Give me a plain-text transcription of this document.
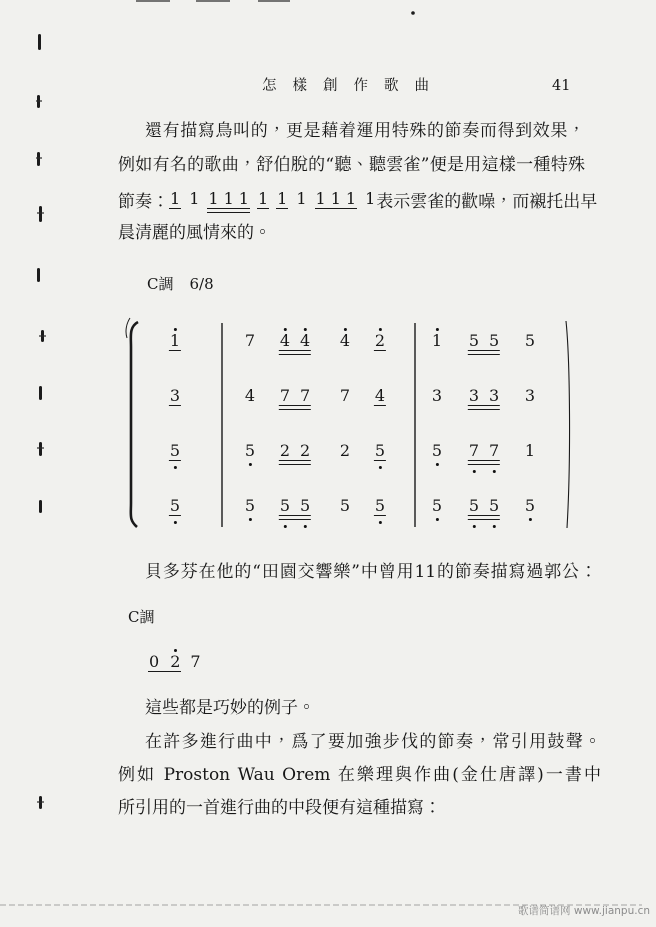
怎樣創作歌曲	41
還有描寫鳥叫的，更是藉着運用特殊的節奏而得到效果，
例如有名的歌曲，舒伯脫的“聽、聽雲雀”便是用這樣一種特殊
節奏： 1 1 1 1 1 1 1 1 1 1 1 1 表示雲雀的歡噪，而襯托出早
晨清麗的風情來的。
C調 6/8
1	7 4 4 4 2	1 5 5 5
3	4 7 7 7 4	3 3 3 3
5	5 2 2 2 5	5 7 7 1
5	5 5 5 5 5	5 5 5 5
貝多芬在他的“田園交響樂”中曾用11的節奏描寫過郭公：
C調
0 2 7
這些都是巧妙的例子。
在許多進行曲中，爲了要加強步伐的節奏，常引用鼓聲。
例如 Proston Wau Orem 在樂理與作曲(金仕唐譯)一書中
所引用的一首進行曲的中段便有這種描寫：
歌谱简谱网 www.jianpu.cn
